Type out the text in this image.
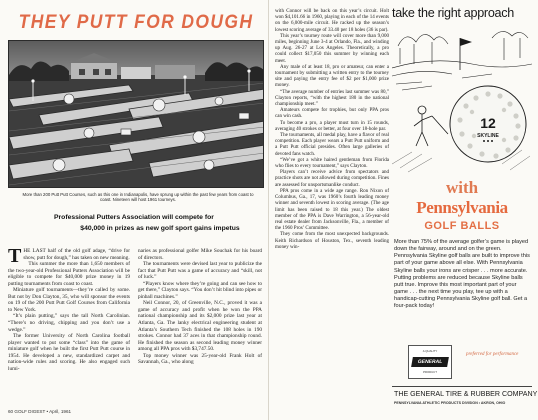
THEY PUTT FOR DOUGH
More than 200 Putt Putt Courses, such as this one in Indianapolis, have sprung up within the past few years from coast to coast. Nineteen will host 1961 tourneys.
Professional Putters Association will compete for
$40,000 in prizes as new golf sport gains impetus
T HE LAST half of the old golf adage, “drive for show, putt for dough,” has taken on new meaning.

This summer the more than 1,650 members of the two-year-old Professional Putters Association will be eligible to compete for $40,000 prize money in 19 putting tournaments from coast to coast.

Miniature golf tournaments—they’re called by some. But not by Don Clayton, 35, who will sponsor the events on 19 of the 200 Putt Putt Golf Courses from California to New York.

“It’s plain putting,” says the tall North Carolinian. “There’s no driving, chipping and you don’t use a wedge.”

The former University of North Carolina football player wanted to put some “class” into the game of miniature golf when he built the first Putt Putt course in 1954. He developed a new, standardized carpet and nation-wide rules and scoring. He also engaged such lumi-

naries as professional golfer Mike Souchak for his board of directors.

The tournaments were devised last year to publicize the fact that Putt Putt was a game of accuracy and “skill, not of luck.”

“Players know where they’re going and can see how to get there,” Clayton says. “You don’t hit blind into pipes or pinball machines.”

Neil Connor, 20, of Greenville, N.C., proved it was a game of accuracy and profit when he won the PPA national championship and its $2,000 prize last year at Atlanta, Ga. The lanky electrical engineering student at Atlanta’s Southern Tech finished the 108 holes in 190 strokes. Connor had 37 aces in that championship round. He finished the season as second leading money winner among all PPA pros with $3,747.50.

Top money winner was 25-year-old Frank Holt of Savannah, Ga., who along

60 GOLF DIGEST • April, 1961

with Connor will be back on this year’s circuit. Holt won $4,101.66 in 1960, playing in each of the 14 events on the 6,000-mile circuit. He racked up the season’s lowest scoring average of 33.40 per 18 holes (36 is par).

This year’s tourney route will cover more than 9,000 miles, beginning June 3-4 at Orlando, Fla., and winding up Aug. 26-27 at Los Angeles. Theoretically, a pro could collect $17,050 this summer by winning each meet.

Any male of at least 18, pro or amateur, can enter a tournament by submitting a written entry to the tourney site and paying the entry fee of $2 per $1,000 prize money.

“The average number of entries last summer was 80,” Clayton reports, “with the highest 180 in the national championship meet.”

Amateurs compete for trophies, but only PPA pros can win cash.

To become a pro, a player must turn in 15 rounds, averaging 40 strokes or better, at four over 18-hole par.

The tournaments, all medal play, have a flavor of real competition. Each player wears a Putt Putt uniform and a Putt Putt official presides. Often large galleries of devoted fans watch.

“We’ve got a white haired gentleman from Florida who flies to every tournament,” says Clayton.

Players can’t receive advice from spectators and practice shots are not allowed during competition. Fines are assessed for unsportsmanlike conduct.

PPA pros come in a wide age range. Ron Nixon of Columbus, Ga., 17, was 1960’s fourth leading money winner and seventh lowest in scoring average. (The age limit has been raised to 18 this year.) The oldest member of the PPA is Dave Warrington, a 56-year-old real estate dealer from Jacksonville, Fla., a member of the 1960 Pros’ Committee.

They come from the most unexpected backgrounds. Keith Richardson of Houston, Tex., seventh leading money win-

take the right approach
12
SKYLINE
with
Pennsylvania
GOLF BALLS
More than 75% of the average golfer’s game is played down the fairway, around and on the green. Pennsylvania Skyline golf balls are built to improve this part of your game above all else. With Pennsylvania Skyline balls your irons are crisper . . . more accurate. Putting problems are reduced because Skyline balls putt true. Improve this most important part of your game . . . the next time you play, tee up with a handicap-cutting Pennsylvania Skyline golf ball. Get a four-pack today!
A QUALITY
GENERAL
PRODUCT
preferred for performance
THE GENERAL TIRE & RUBBER COMPANY
PENNSYLVANIA ATHLETIC PRODUCTS DIVISION • AKRON, OHIO
